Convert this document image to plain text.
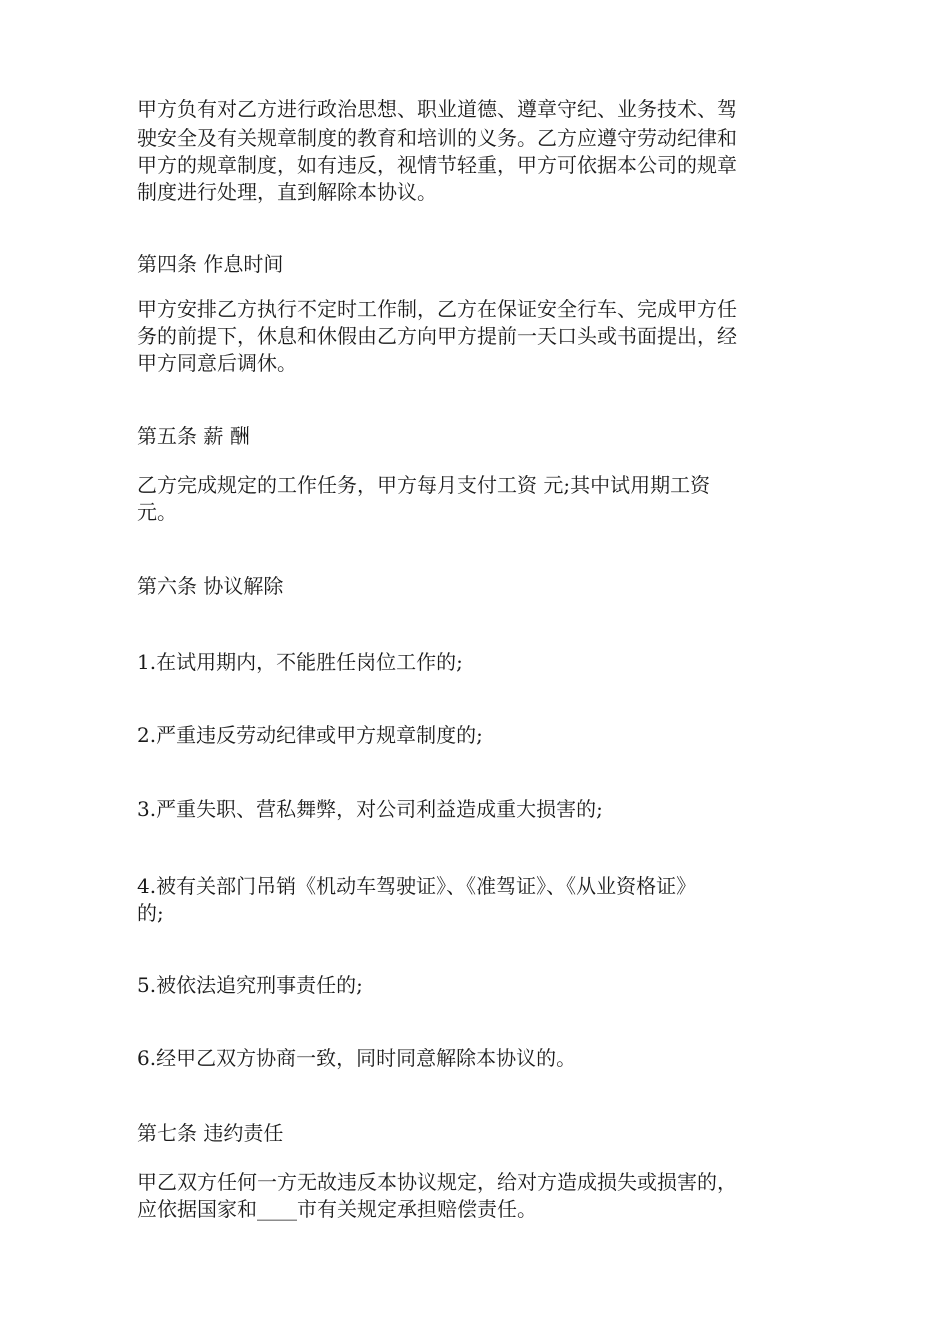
甲方负有对乙方进行政治思想、职业道德、遵章守纪、业务技术、驾

驶安全及有关规章制度的教育和培训的义务。乙方应遵守劳动纪律和

甲方的规章制度，如有违反，视情节轻重，甲方可依据本公司的规章

制度进行处理，直到解除本协议。

第四条 作息时间

甲方安排乙方执行不定时工作制，乙方在保证安全行车、完成甲方任

务的前提下，休息和休假由乙方向甲方提前一天口头或书面提出，经

甲方同意后调休。

第五条 薪 酬

乙方完成规定的工作任务，甲方每月支付工资 元;其中试用期工资

元。

第六条 协议解除

1.在试用期内，不能胜任岗位工作的;

2.严重违反劳动纪律或甲方规章制度的;

3.严重失职、营私舞弊，对公司利益造成重大损害的;

4.被有关部门吊销《机动车驾驶证》、《准驾证》、《从业资格证》

的;

5.被依法追究刑事责任的;

6.经甲乙双方协商一致，同时同意解除本协议的。

第七条 违约责任

甲乙双方任何一方无故违反本协议规定，给对方造成损失或损害的，

应依据国家和____市有关规定承担赔偿责任。
